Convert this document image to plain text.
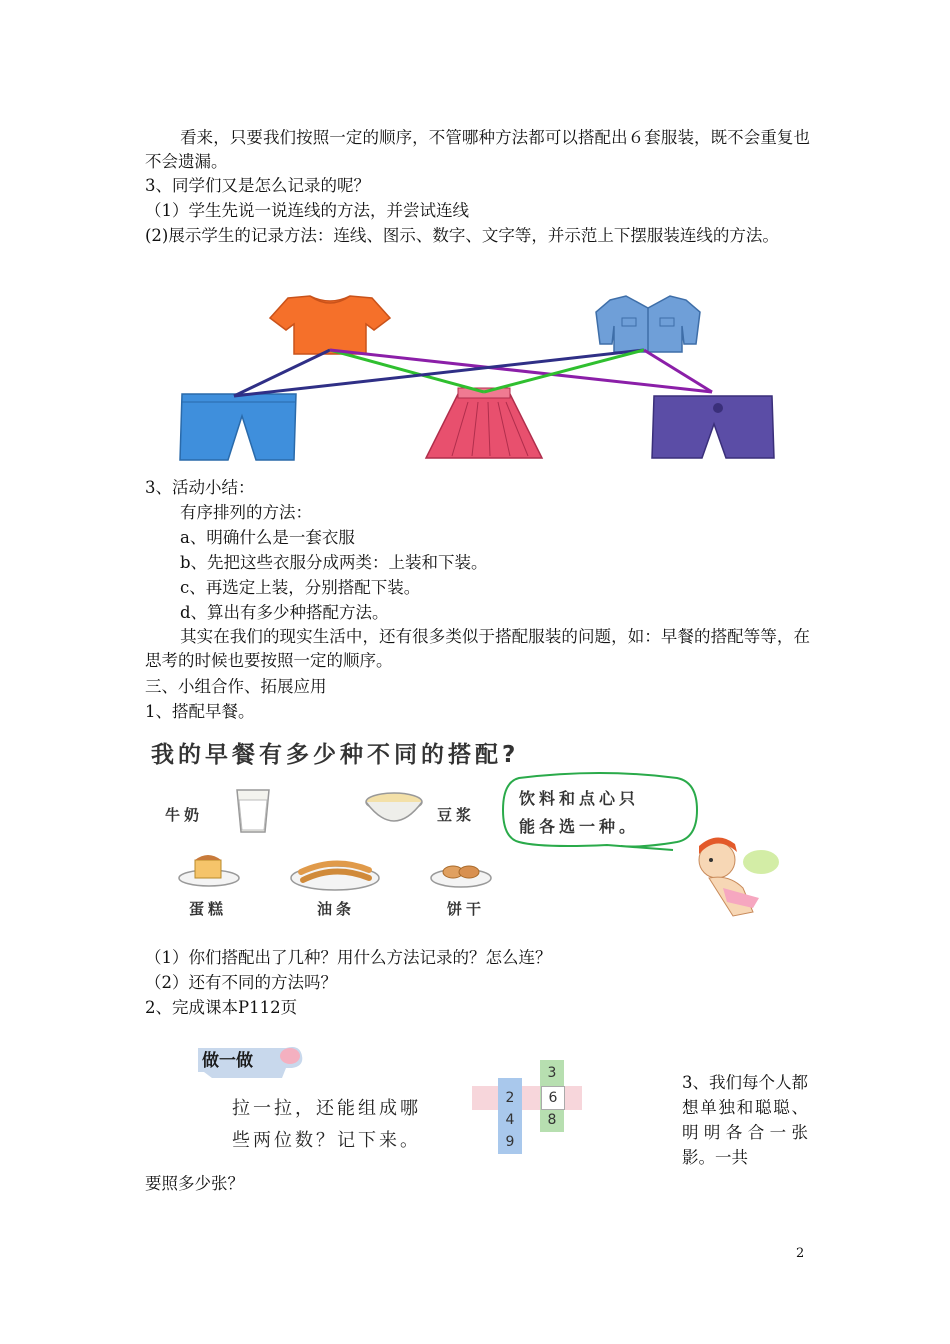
看来，只要我们按照一定的顺序，不管哪种方法都可以搭配出６套服装，既不会重复也不会遗漏。
3、同学们又是怎么记录的呢？
（1）学生先说一说连线的方法，并尝试连线
(2)展示学生的记录方法：连线、图示、数字、文字等，并示范上下摆服装连线的方法。
3、活动小结：
有序排列的方法：
a、明确什么是一套衣服
b、先把这些衣服分成两类：上装和下装。
c、再选定上装，分别搭配下装。
d、算出有多少种搭配方法。
其实在我们的现实生活中，还有很多类似于搭配服装的问题，如：早餐的搭配等等，在思考的时候也要按照一定的顺序。
三、小组合作、拓展应用
1、搭配早餐。
我的早餐有多少种不同的搭配?
牛奶	豆浆
饮料和点心只
能各选一种。
蛋糕	油条	饼干
（1）你们搭配出了几种？用什么方法记录的？怎么连？
（2）还有不同的方法吗？
2、完成课本P112页
做一做
拉一拉，还能组成哪
些两位数？记下来。
2
4
9
3
6
8
3、我们每个人都想单独和聪聪、明明各合一张影。一共
要照多少张？
2
